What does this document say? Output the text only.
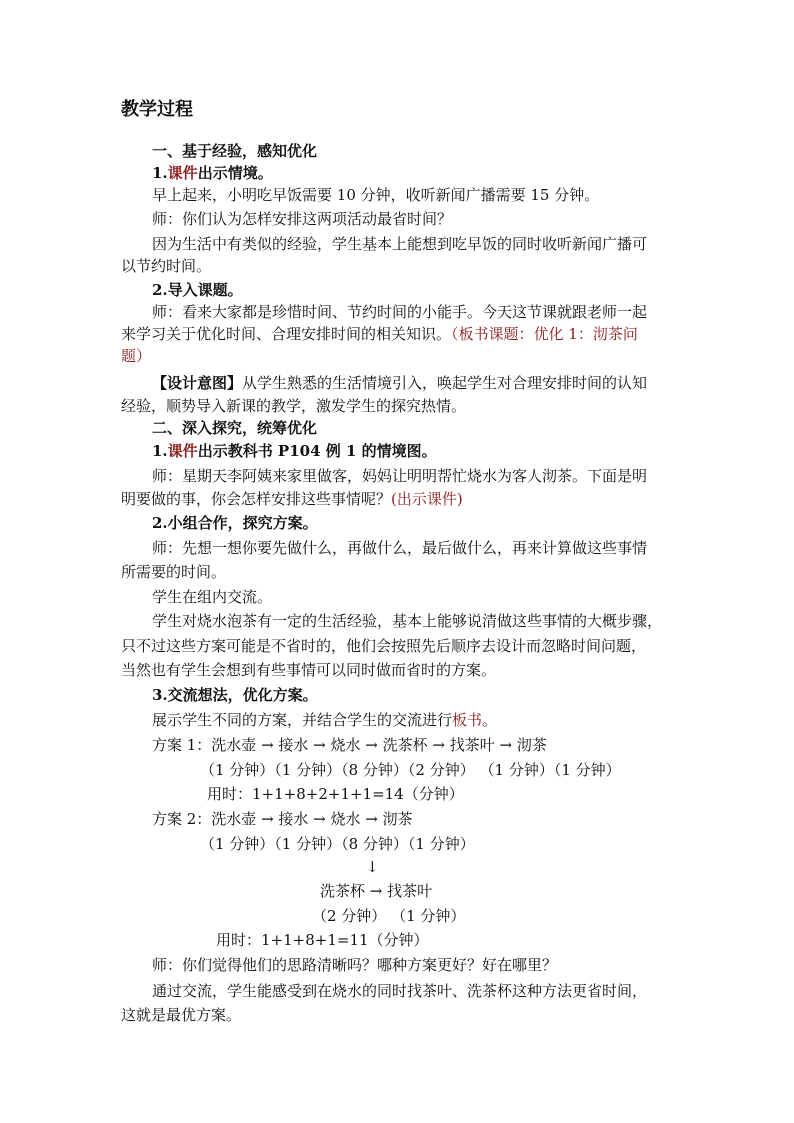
教学过程
一、基于经验，感知优化
1.课件出示情境。
早上起来，小明吃早饭需要 10 分钟，收听新闻广播需要 15 分钟。
师：你们认为怎样安排这两项活动最省时间？
因为生活中有类似的经验，学生基本上能想到吃早饭的同时收听新闻广播可
以节约时间。
2.导入课题。
师：看来大家都是珍惜时间、节约时间的小能手。今天这节课就跟老师一起
来学习关于优化时间、合理安排时间的相关知识。（板书课题：优化 1：沏茶问
题）
【设计意图】从学生熟悉的生活情境引入，唤起学生对合理安排时间的认知
经验，顺势导入新课的教学，激发学生的探究热情。
二、深入探究，统筹优化
1.课件出示教科书 P104 例 1 的情境图。
师：星期天李阿姨来家里做客，妈妈让明明帮忙烧水为客人沏茶。下面是明
明要做的事，你会怎样安排这些事情呢？(出示课件)
2.小组合作，探究方案。
师：先想一想你要先做什么，再做什么，最后做什么，再来计算做这些事情
所需要的时间。
学生在组内交流。
学生对烧水泡茶有一定的生活经验，基本上能够说清做这些事情的大概步骤，
只不过这些方案可能是不省时的，他们会按照先后顺序去设计而忽略时间问题，
当然也有学生会想到有些事情可以同时做而省时的方案。
3.交流想法，优化方案。
展示学生不同的方案，并结合学生的交流进行板书。
方案 1：洗水壶 → 接水 → 烧水 → 洗茶杯 → 找茶叶 → 沏茶
（1 分钟）（1 分钟）（8 分钟）（2 分钟） （1 分钟）（1 分钟）
用时：1+1+8+2+1+1=14（分钟）
方案 2：洗水壶 → 接水 → 烧水 → 沏茶
（1 分钟）（1 分钟）（8 分钟）（1 分钟）
↓
洗茶杯 → 找茶叶
（2 分钟） （1 分钟）
用时：1+1+8+1=11（分钟）
师：你们觉得他们的思路清晰吗？哪种方案更好？好在哪里？
通过交流，学生能感受到在烧水的同时找茶叶、洗茶杯这种方法更省时间，
这就是最优方案。
